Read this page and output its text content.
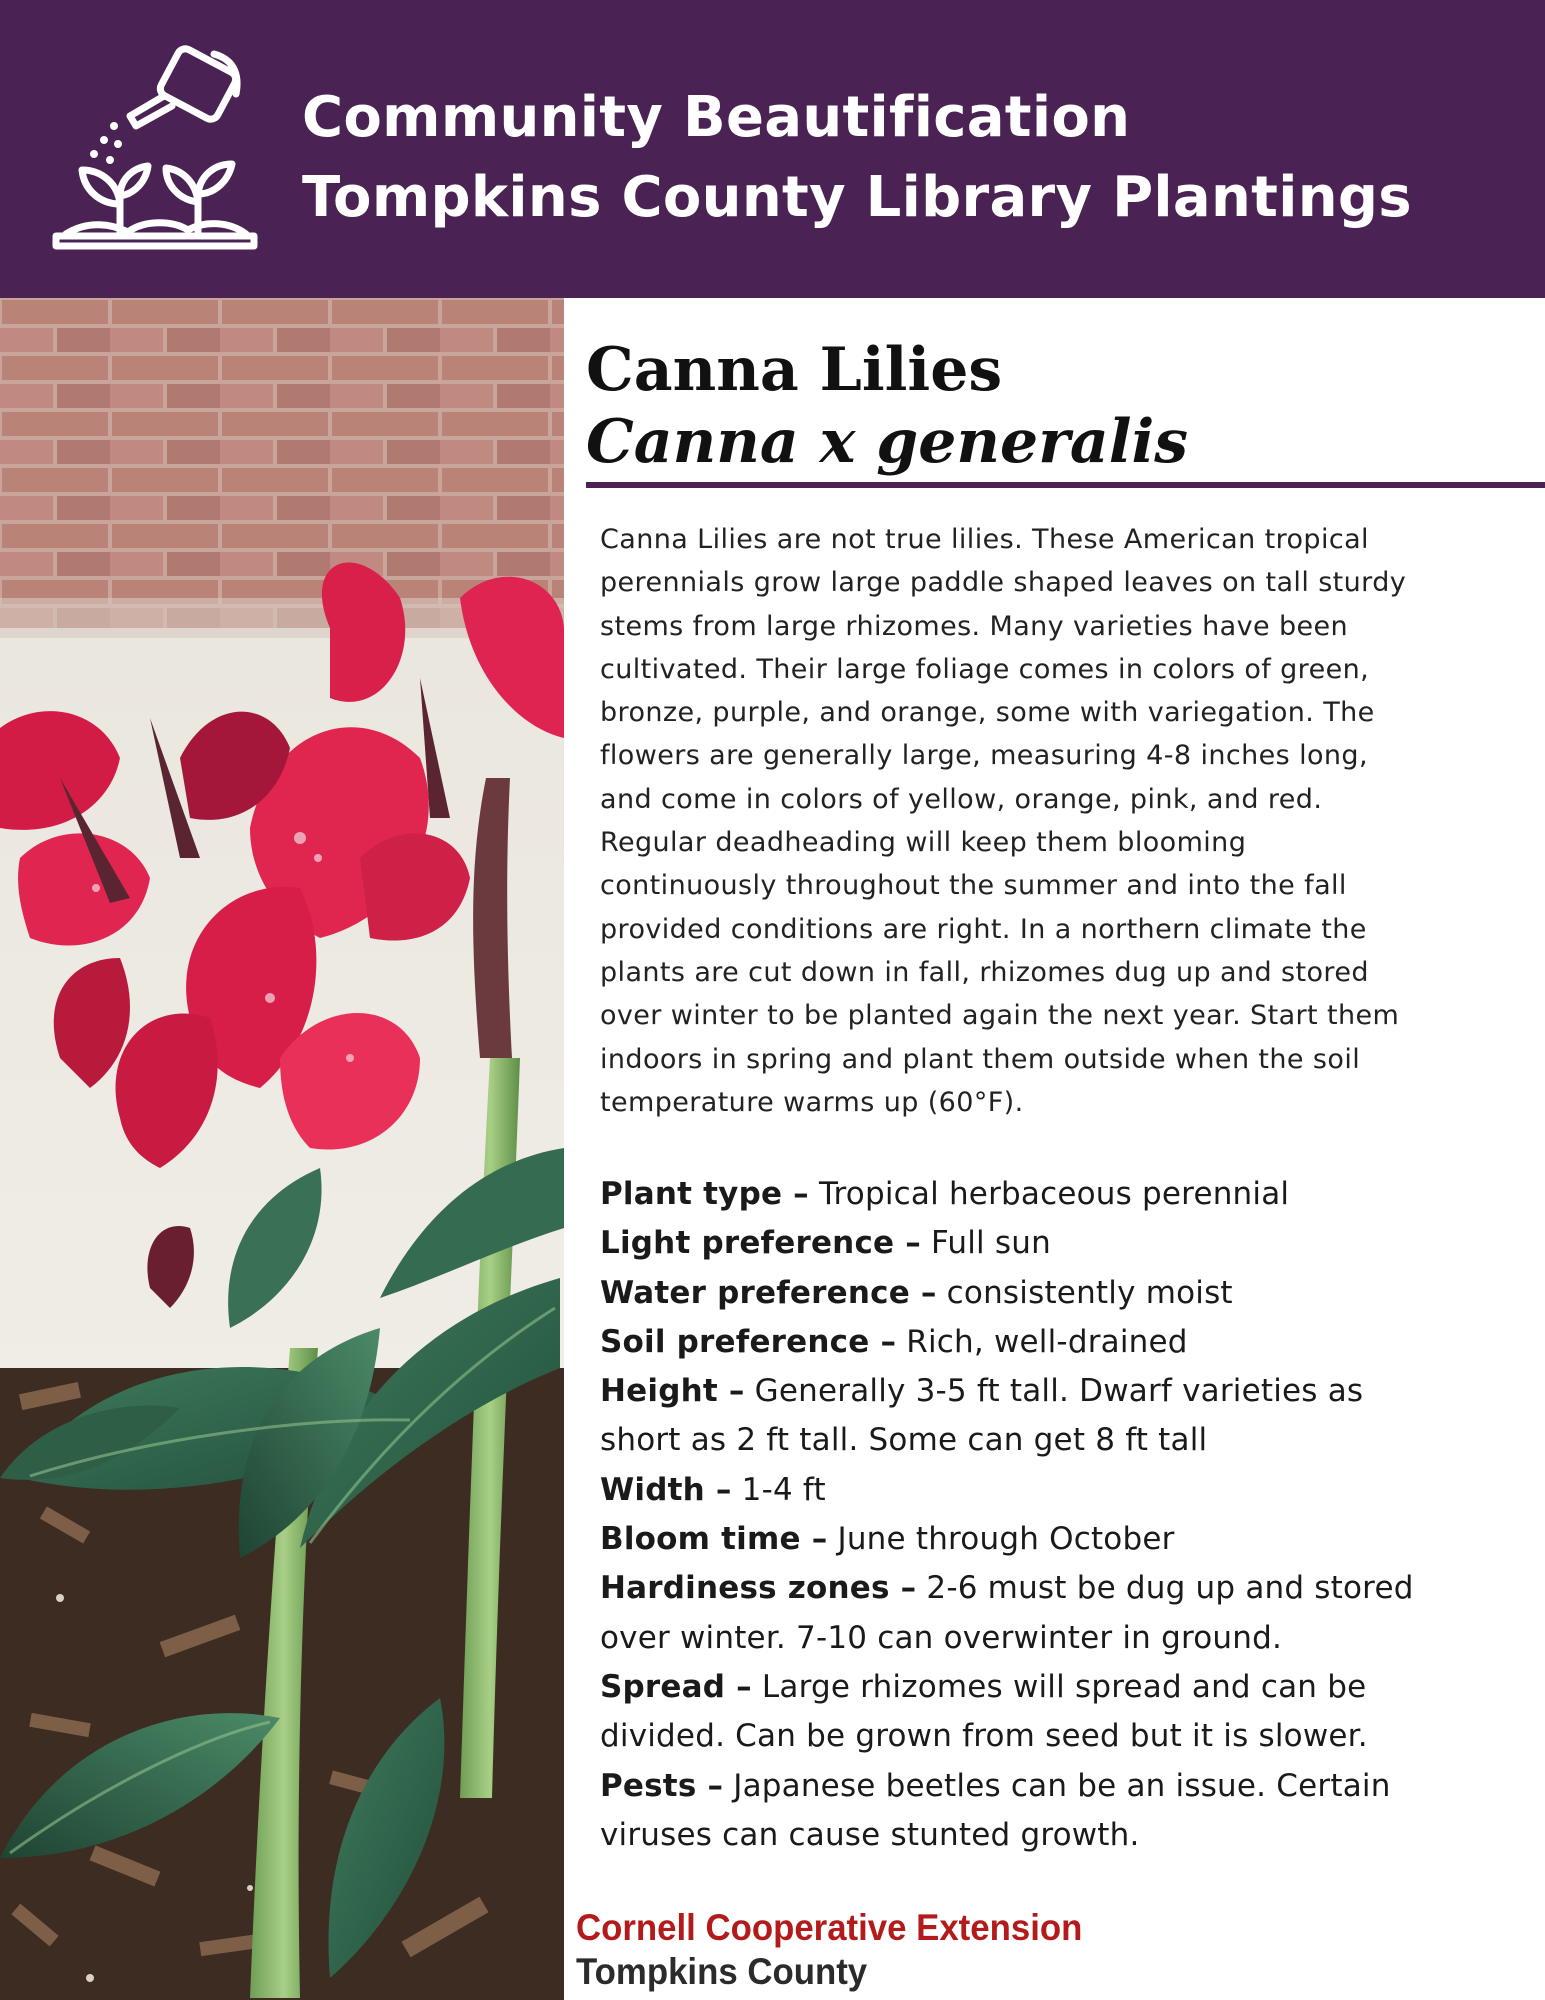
Community Beautification
Tompkins County Library Plantings
Canna Lilies
Canna x generalis

Canna Lilies are not true lilies. These American tropical
perennials grow large paddle shaped leaves on tall sturdy
stems from large rhizomes. Many varieties have been
cultivated. Their large foliage comes in colors of green,
bronze, purple, and orange, some with variegation. The
flowers are generally large, measuring 4-8 inches long,
and come in colors of yellow, orange, pink, and red.
Regular deadheading will keep them blooming
continuously throughout the summer and into the fall
provided conditions are right. In a northern climate the
plants are cut down in fall, rhizomes dug up and stored
over winter to be planted again the next year. Start them
indoors in spring and plant them outside when the soil
temperature warms up (60°F).

Plant type – Tropical herbaceous perennial
Light preference – Full sun
Water preference – consistently moist
Soil preference – Rich, well-drained
Height – Generally 3-5 ft tall. Dwarf varieties as
short as 2 ft tall. Some can get 8 ft tall
Width – 1-4 ft
Bloom time – June through October
Hardiness zones – 2-6 must be dug up and stored
over winter. 7-10 can overwinter in ground.
Spread – Large rhizomes will spread and can be
divided. Can be grown from seed but it is slower.
Pests – Japanese beetles can be an issue. Certain
viruses can cause stunted growth.

Cornell Cooperative Extension

Tompkins County
